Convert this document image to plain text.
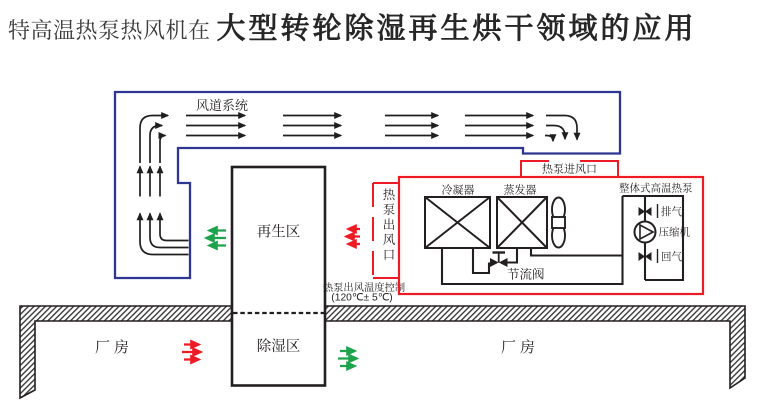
特高温热泵热风机在 大型转轮除湿再生烘干领域的应用
厂房	厂房
风道系统
再生区
除湿区
热泵出风温度控制
(120℃± 5℃)
热泵进风口
整体式高温热泵
冷凝器	蒸发器
节流阀
排气
压缩机
回气
热泵出风口
